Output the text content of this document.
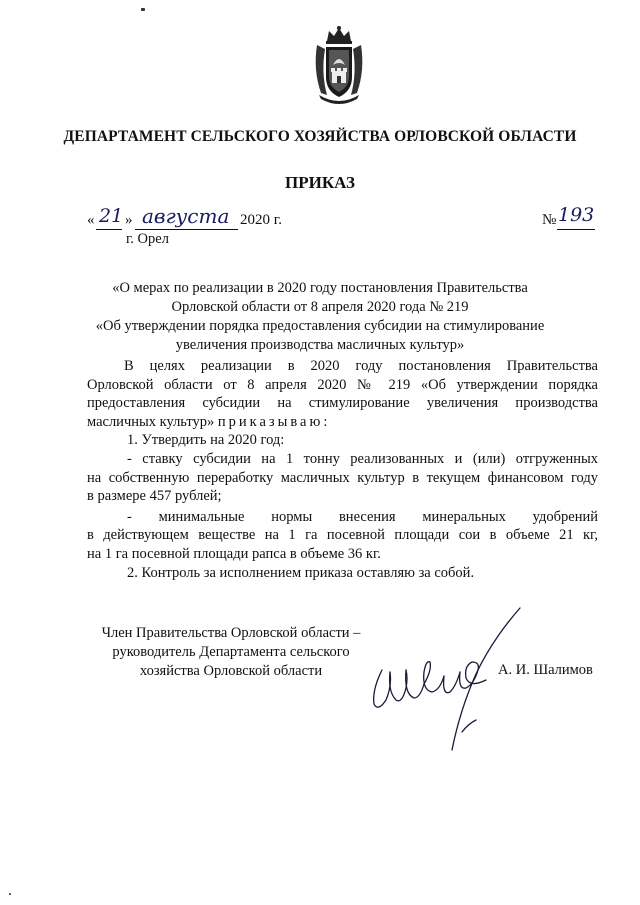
ДЕПАРТАМЕНТ СЕЛЬСКОГО ХОЗЯЙСТВА ОРЛОВСКОЙ ОБЛАСТИ
ПРИКАЗ
« 21 » августа 2020 г.
г. Орел
№ 193
«О мерах по реализации в 2020 году постановления Правительства
Орловской области от 8 апреля 2020 года № 219
«Об утверждении порядка предоставления субсидии на стимулирование
увеличения производства масличных культур»

В целях реализации в 2020 году постановления Правительства

Орловской области от 8 апреля 2020 № 219 «Об утверждении порядка

предоставления субсидии на стимулирование увеличения производства

масличных культур» приказываю:

1. Утвердить на 2020 год:

- ставку субсидии на 1 тонну реализованных и (или) отгруженных

на собственную переработку масличных культур в текущем финансовом году

в размере 457 рублей;

- минимальные нормы внесения минеральных удобрений

в действующем веществе на 1 га посевной площади сои в объеме 21 кг,

на 1 га посевной площади рапса в объеме 36 кг.

2. Контроль за исполнением приказа оставляю за собой.

Член Правительства Орловской области –
руководитель Департамента сельского
хозяйства Орловской области	А. И. Шалимов
